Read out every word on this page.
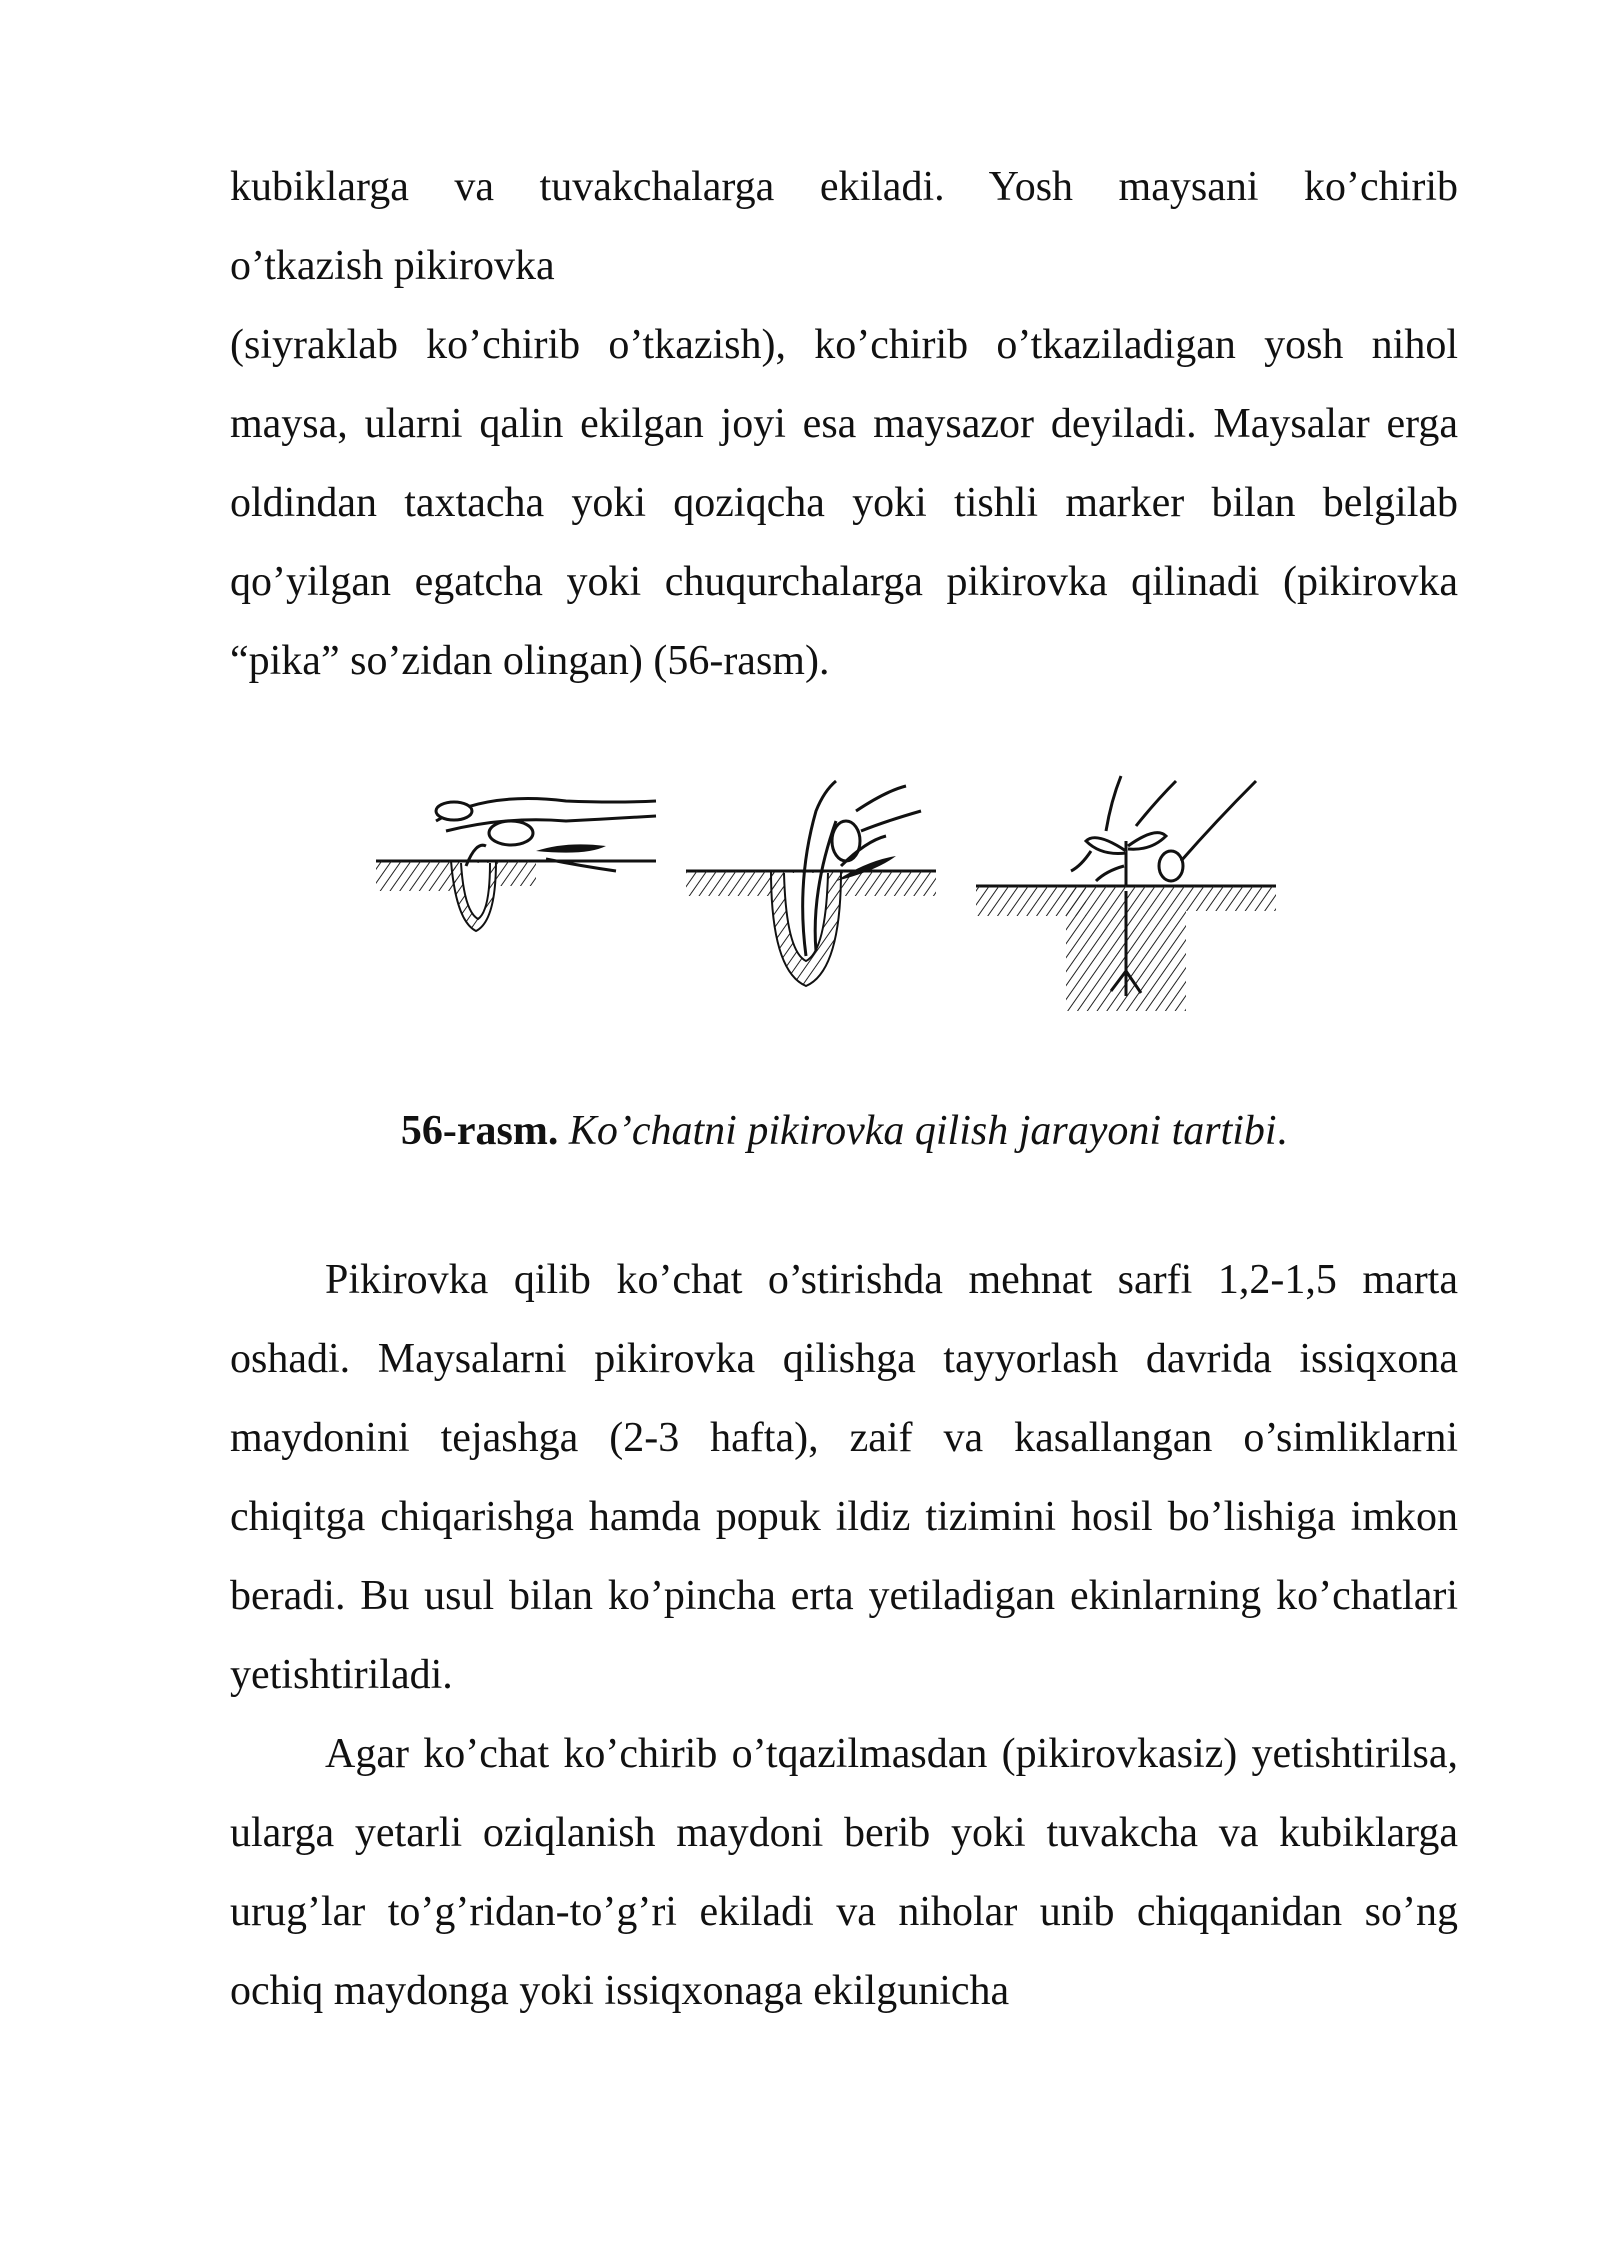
kubiklarga va tuvakchalarga ekiladi. Yosh maysani ko’chirib
o’tkazish pikirovka
(siyraklab ko’chirib o’tkazish), ko’chirib o’tkaziladigan yosh nihol maysa, ularni qalin ekilgan joyi esa maysazor deyiladi. Maysalar erga oldindan taxtacha yoki qoziqcha yoki tishli marker bilan belgilab qo’yilgan egatcha yoki chuqurchalarga pikirovka qilinadi (pikirovka “pika” so’zidan olingan) (56-rasm).

56-rasm. Ko’chatni pikirovka qilish jarayoni tartibi.

Pikirovka qilib ko’chat o’stirishda mehnat sarfi 1,2-1,5 marta oshadi. Maysalarni pikirovka qilishga tayyorlash davrida issiqxona maydonini tejashga (2-3 hafta), zaif va kasallangan o’simliklarni chiqitga chiqarishga hamda popuk ildiz tizimini hosil bo’lishiga imkon beradi. Bu usul bilan ko’pincha erta yetiladigan ekinlarning ko’chatlari yetishtiriladi.

Agar ko’chat ko’chirib o’tqazilmasdan (pikirovkasiz) yetishtirilsa, ularga yetarli oziqlanish maydoni berib yoki tuvakcha va kubiklarga urug’lar to’g’ridan-to’g’ri ekiladi va niholar unib chiqqanidan so’ng ochiq maydonga yoki issiqxonaga ekilgunicha
